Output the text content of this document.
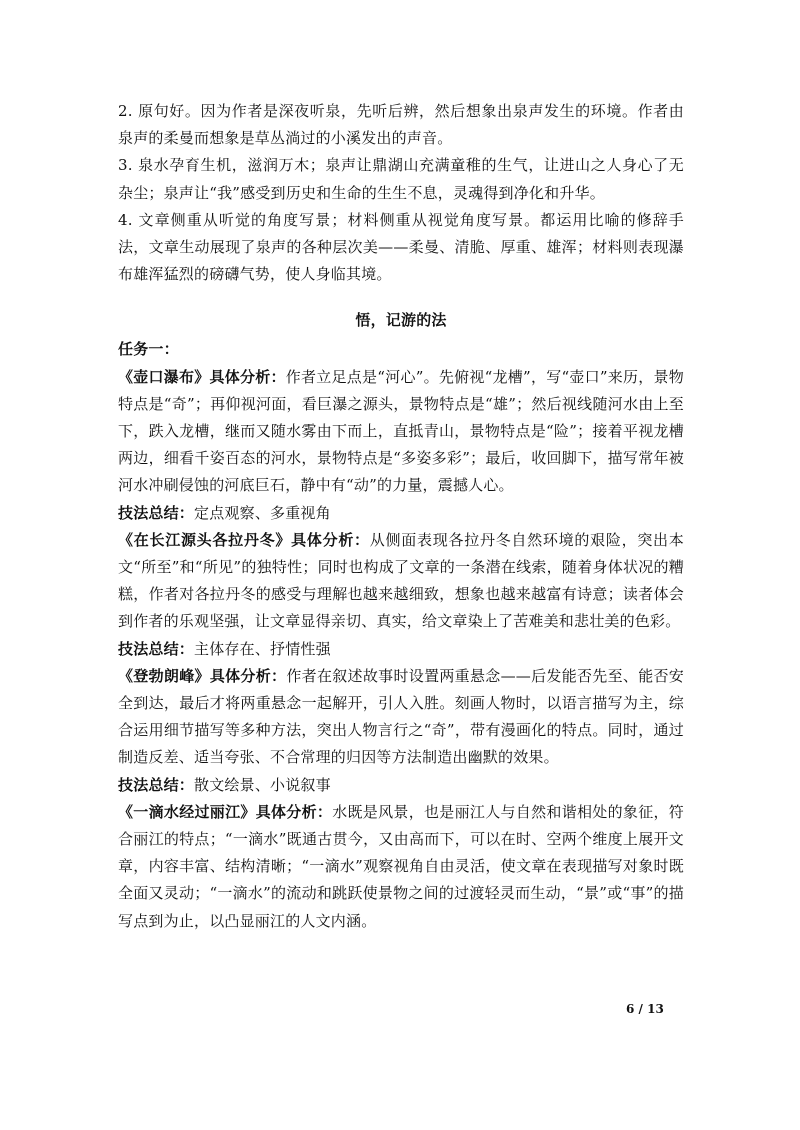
2. 原句好。因为作者是深夜听泉，先听后辨，然后想象出泉声发生的环境。作者由泉声的柔曼而想象是草丛淌过的小溪发出的声音。

3. 泉水孕育生机，滋润万木；泉声让鼎湖山充满童稚的生气，让进山之人身心了无杂尘；泉声让“我”感受到历史和生命的生生不息，灵魂得到净化和升华。

4. 文章侧重从听觉的角度写景；材料侧重从视觉角度写景。都运用比喻的修辞手法，文章生动展现了泉声的各种层次美——柔曼、清脆、厚重、雄浑；材料则表现瀑布雄浑猛烈的磅礴气势，使人身临其境。

悟，记游的法

任务一：

《壶口瀑布》具体分析：作者立足点是“河心”。先俯视“龙槽”，写“壶口”来历，景物特点是“奇”；再仰视河面，看巨瀑之源头，景物特点是“雄”；然后视线随河水由上至下，跌入龙槽，继而又随水雾由下而上，直抵青山，景物特点是“险”；接着平视龙槽两边，细看千姿百态的河水，景物特点是“多姿多彩”；最后，收回脚下，描写常年被河水冲刷侵蚀的河底巨石，静中有“动”的力量，震撼人心。

技法总结：定点观察、多重视角

《在长江源头各拉丹冬》具体分析：从侧面表现各拉丹冬自然环境的艰险，突出本文“所至”和“所见”的独特性；同时也构成了文章的一条潜在线索，随着身体状况的糟糕，作者对各拉丹冬的感受与理解也越来越细致，想象也越来越富有诗意；读者体会到作者的乐观坚强，让文章显得亲切、真实，给文章染上了苦难美和悲壮美的色彩。

技法总结：主体存在、抒情性强

《登勃朗峰》具体分析：作者在叙述故事时设置两重悬念——后发能否先至、能否安全到达，最后才将两重悬念一起解开，引人入胜。刻画人物时，以语言描写为主，综合运用细节描写等多种方法，突出人物言行之“奇”，带有漫画化的特点。同时，通过制造反差、适当夸张、不合常理的归因等方法制造出幽默的效果。

技法总结：散文绘景、小说叙事

《一滴水经过丽江》具体分析：水既是风景，也是丽江人与自然和谐相处的象征，符合丽江的特点；“一滴水”既通古贯今，又由高而下，可以在时、空两个维度上展开文章，内容丰富、结构清晰；“一滴水”观察视角自由灵活，使文章在表现描写对象时既全面又灵动；“一滴水”的流动和跳跃使景物之间的过渡轻灵而生动，“景”或“事”的描写点到为止，以凸显丽江的人文内涵。

6 / 13
